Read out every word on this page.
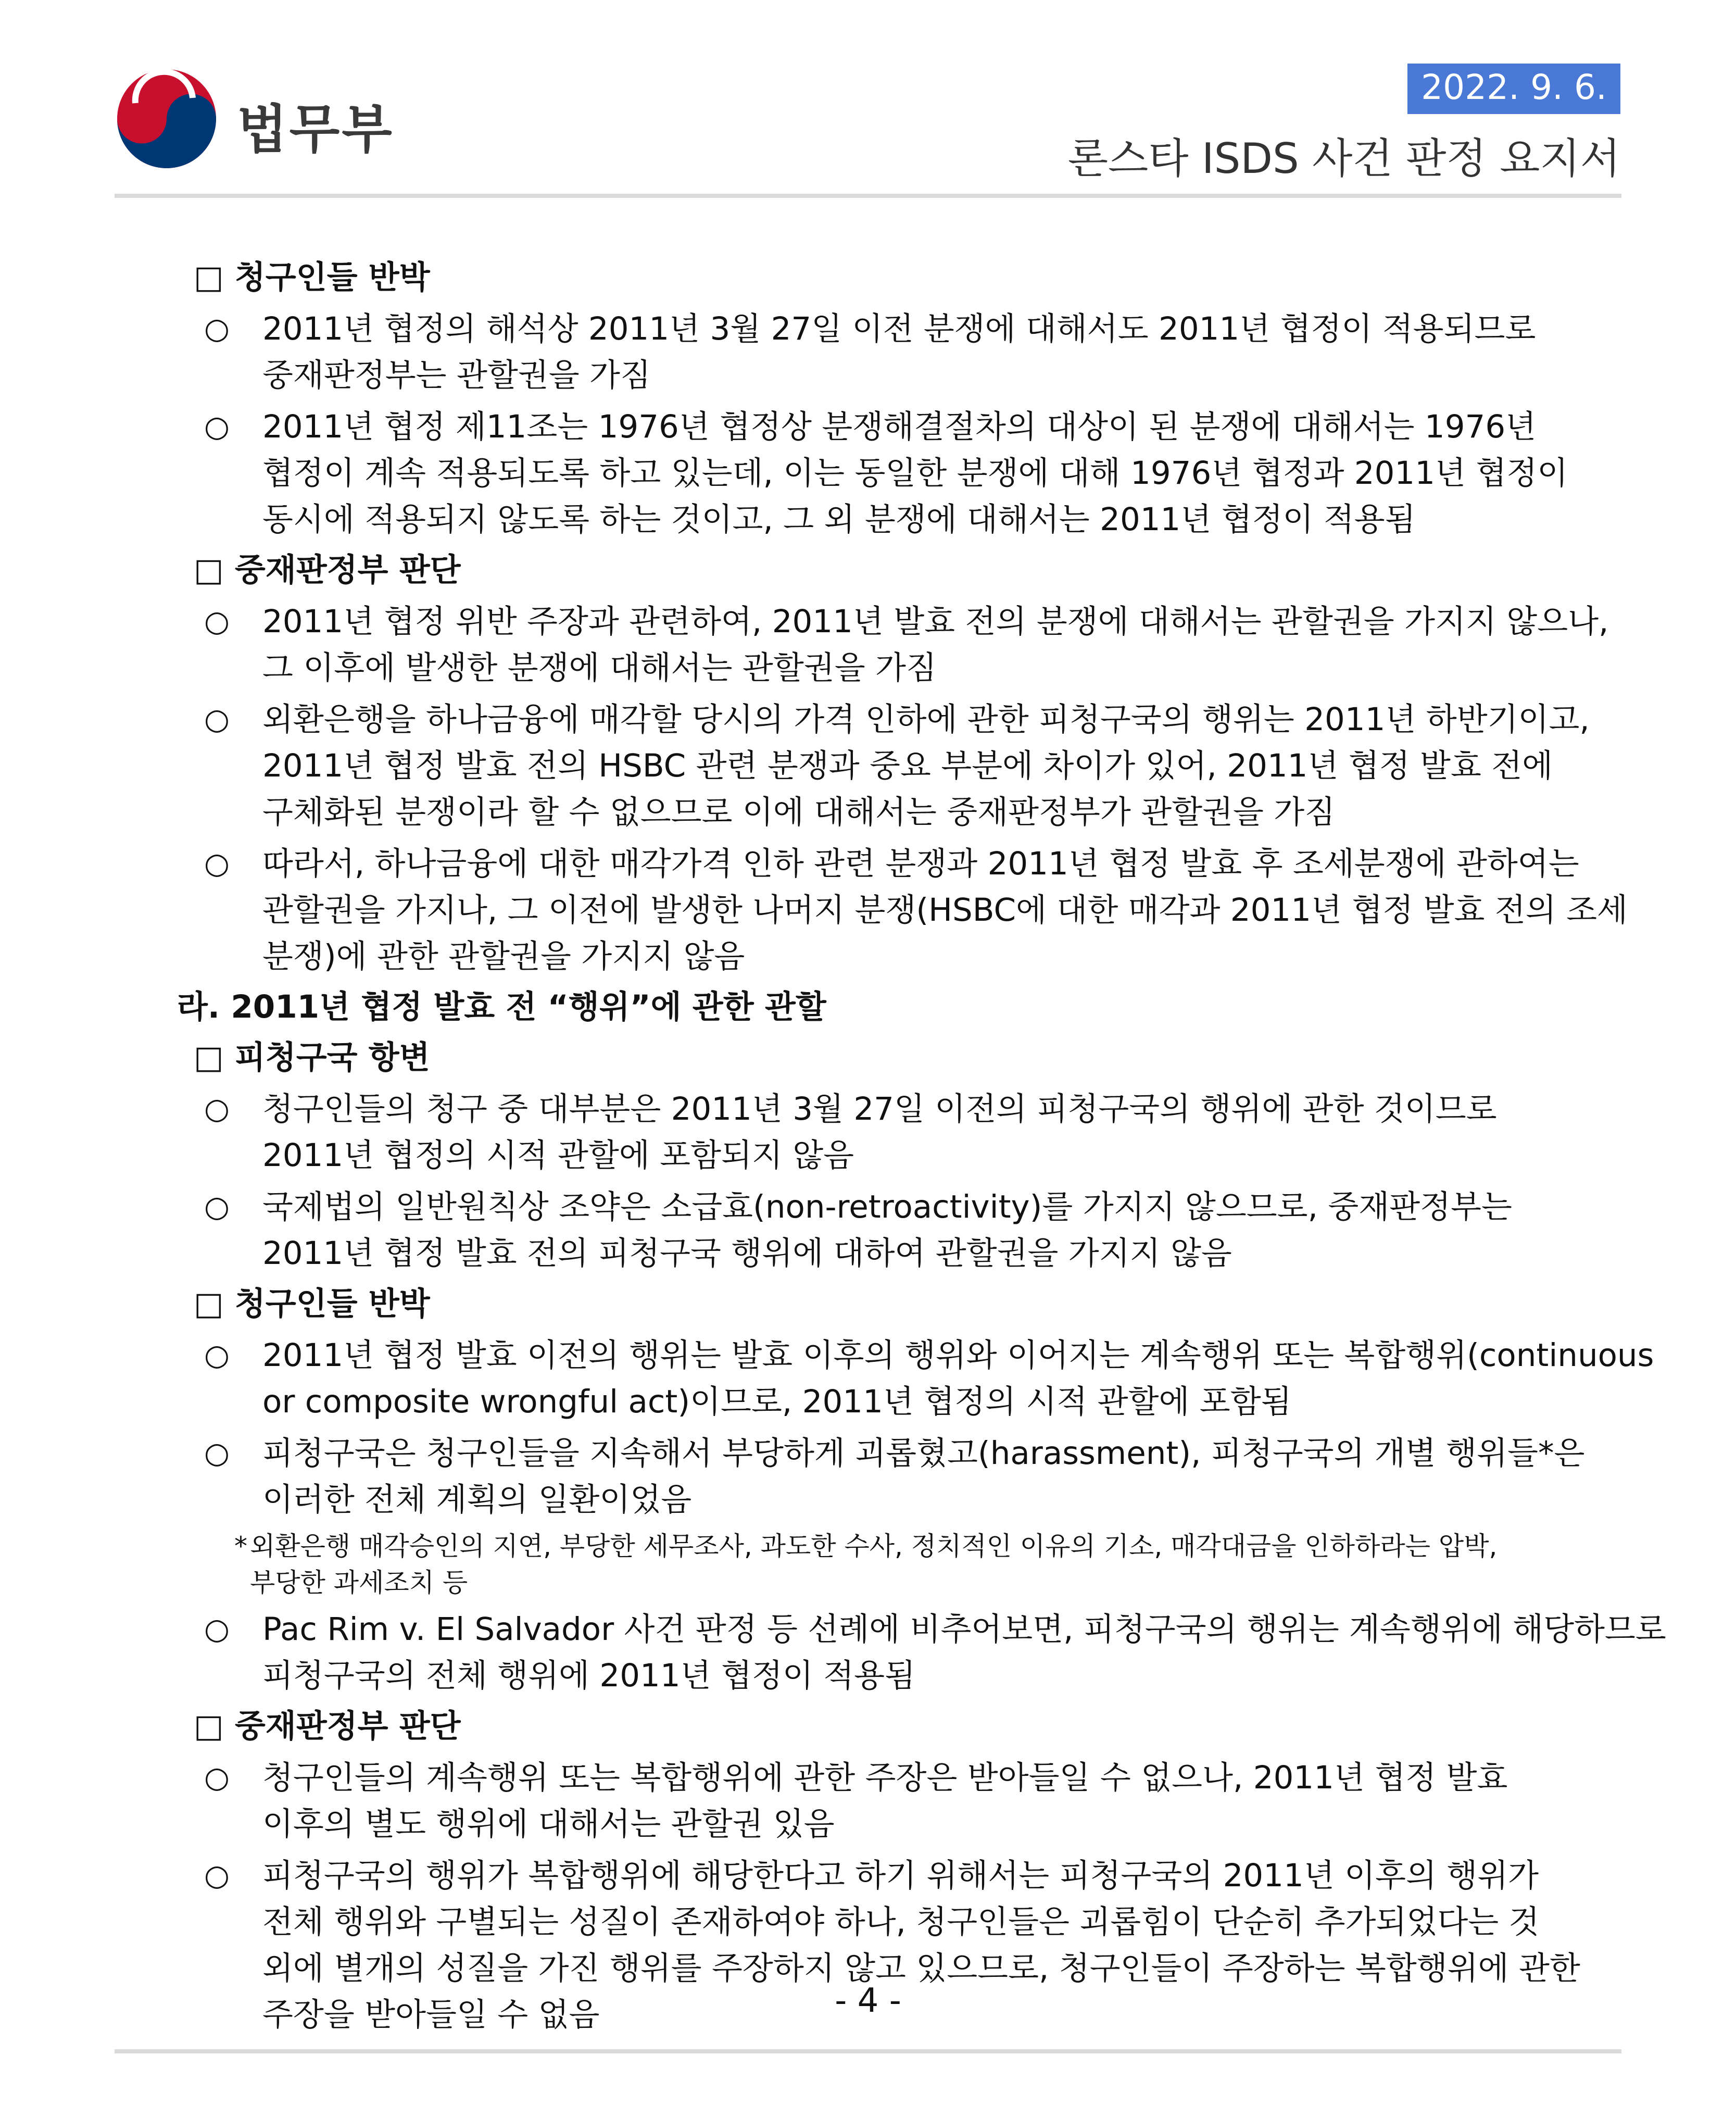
법무부
2022. 9. 6.
론스타 ISDS 사건 판정 요지서
□ 청구인들 반박
○ 2011년 협정의 해석상 2011년 3월 27일 이전 분쟁에 대해서도 2011년 협정이 적용되므로
중재판정부는 관할권을 가짐
○ 2011년 협정 제11조는 1976년 협정상 분쟁해결절차의 대상이 된 분쟁에 대해서는 1976년
협정이 계속 적용되도록 하고 있는데, 이는 동일한 분쟁에 대해 1976년 협정과 2011년 협정이
동시에 적용되지 않도록 하는 것이고, 그 외 분쟁에 대해서는 2011년 협정이 적용됨
□ 중재판정부 판단
○ 2011년 협정 위반 주장과 관련하여, 2011년 발효 전의 분쟁에 대해서는 관할권을 가지지 않으나,
그 이후에 발생한 분쟁에 대해서는 관할권을 가짐
○ 외환은행을 하나금융에 매각할 당시의 가격 인하에 관한 피청구국의 행위는 2011년 하반기이고,
2011년 협정 발효 전의 HSBC 관련 분쟁과 중요 부분에 차이가 있어, 2011년 협정 발효 전에
구체화된 분쟁이라 할 수 없으므로 이에 대해서는 중재판정부가 관할권을 가짐
○ 따라서, 하나금융에 대한 매각가격 인하 관련 분쟁과 2011년 협정 발효 후 조세분쟁에 관하여는
관할권을 가지나, 그 이전에 발생한 나머지 분쟁(HSBC에 대한 매각과 2011년 협정 발효 전의 조세
분쟁)에 관한 관할권을 가지지 않음
라. 2011년 협정 발효 전 “행위”에 관한 관할
□ 피청구국 항변
○ 청구인들의 청구 중 대부분은 2011년 3월 27일 이전의 피청구국의 행위에 관한 것이므로
2011년 협정의 시적 관할에 포함되지 않음
○ 국제법의 일반원칙상 조약은 소급효(non-retroactivity)를 가지지 않으므로, 중재판정부는
2011년 협정 발효 전의 피청구국 행위에 대하여 관할권을 가지지 않음
□ 청구인들 반박
○ 2011년 협정 발효 이전의 행위는 발효 이후의 행위와 이어지는 계속행위 또는 복합행위(continuous
or composite wrongful act)이므로, 2011년 협정의 시적 관할에 포함됨
○ 피청구국은 청구인들을 지속해서 부당하게 괴롭혔고(harassment), 피청구국의 개별 행위들*은
이러한 전체 계획의 일환이었음
* 외환은행 매각승인의 지연, 부당한 세무조사, 과도한 수사, 정치적인 이유의 기소, 매각대금을 인하하라는 압박,
부당한 과세조치 등
○ Pac Rim v. El Salvador 사건 판정 등 선례에 비추어보면, 피청구국의 행위는 계속행위에 해당하므로
피청구국의 전체 행위에 2011년 협정이 적용됨
□ 중재판정부 판단
○ 청구인들의 계속행위 또는 복합행위에 관한 주장은 받아들일 수 없으나, 2011년 협정 발효
이후의 별도 행위에 대해서는 관할권 있음
○ 피청구국의 행위가 복합행위에 해당한다고 하기 위해서는 피청구국의 2011년 이후의 행위가
전체 행위와 구별되는 성질이 존재하여야 하나, 청구인들은 괴롭힘이 단순히 추가되었다는 것
외에 별개의 성질을 가진 행위를 주장하지 않고 있으므로, 청구인들이 주장하는 복합행위에 관한
주장을 받아들일 수 없음	- 4 -
